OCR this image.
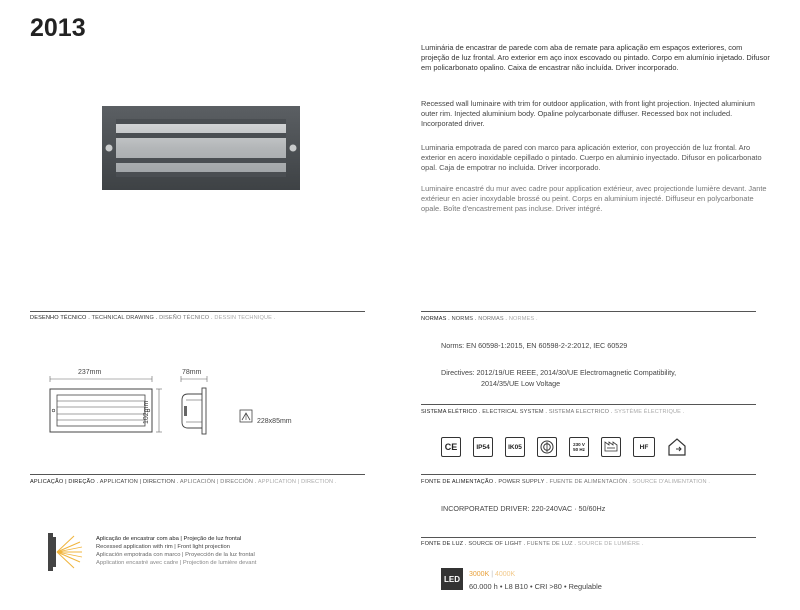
2013
Luminária de encastrar de parede com aba de remate para aplicação em espaços exteriores, com projeção de luz frontal. Aro exterior em aço inox escovado ou pintado. Corpo em alumínio injetado. Difusor em policarbonato opalino. Caixa de encastrar não incluída. Driver incorporado.
Recessed wall luminaire with trim for outdoor application, with front light projection. Injected aluminium outer rim. Injected aluminium body. Opaline polycarbonate diffuser. Recessed box not included. Incorporated driver.
Luminaria empotrada de pared con marco para aplicación exterior, con proyección de luz frontal. Aro exterior en acero inoxidable cepillado o pintado. Cuerpo en aluminio inyectado. Difusor en policarbonato opal. Caja de empotrar no incluida. Driver incorporado.
Luminaire encastré du mur avec cadre pour application extérieur, avec projectionde lumière devant. Jante extérieur en acier inoxydable brossé ou peint. Corps en aluminium injecté. Diffuseur en polycarbonate opale. Boîte d'encastrement pas incluse. Driver intégré.
DESENHO TÉCNICO . TECHNICAL DRAWING . DISEÑO TÉCNICO . DESSIN TECHNIQUE .
237mm
102mm
78mm
228x85mm
APLICAÇÃO | DIREÇÃO . APPLICATION | DIRECTION . APLICACIÓN | DIRECCIÓN . APPLICATION | DIRECTION .
Aplicação de encastrar com aba | Projeção de luz frontal
Recessed application with rim | Front light projection
Aplicación empotrada con marco | Proyección de la luz frontal
Application encastré avec cadre | Projection de lumière devant
NORMAS . NORMS . NORMAS . NORMES .
Norms: EN 60598-1:2015, EN 60598-2-2:2012, IEC 60529
Directives: 2012/19/UE REEE, 2014/30/UE Electromagnetic Compatibility,
2014/35/UE Low Voltage
SISTEMA ELÉTRICO . ELECTRICAL SYSTEM . SISTEMA ELECTRICO . SYSTÈME ÉLECTRIQUE .
CE	IP54	IK05	230 V
50 Hz	HF
FONTE DE ALIMENTAÇÃO . POWER SUPPLY . FUENTE DE ALIMENTACIÓN . SOURCE D'ALIMENTATION .
INCORPORATED DRIVER: 220-240VAC · 50/60Hz
FONTE DE LUZ . SOURCE OF LIGHT . FUENTE DE LUZ . SOURCE DE LUMIÈRE .
LED	3000K | 4000K
60.000 h • L8 B10 • CRI >80 • Regulable
